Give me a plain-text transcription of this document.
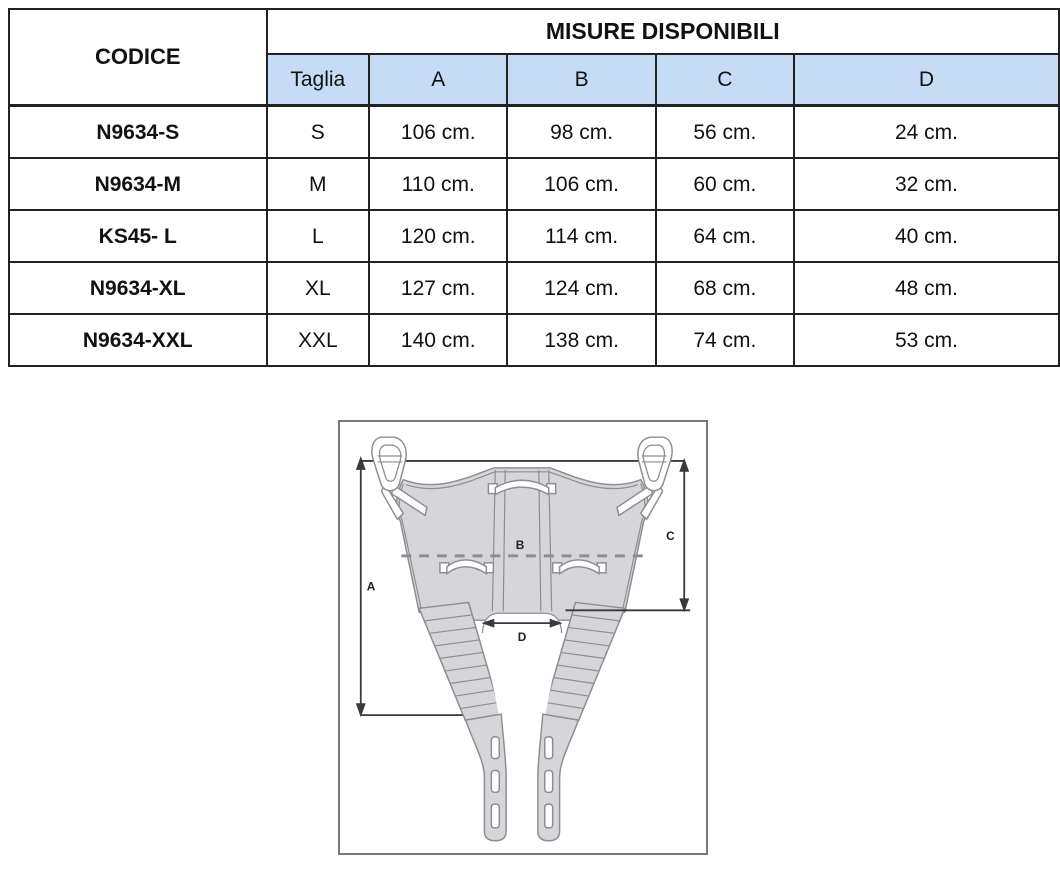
CODICE	MISURE DISPONIBILI				
	Taglia	A	B	C	D
N9634-S	S	106 cm.	98 cm.	56 cm.	24 cm.
N9634-M	M	110 cm.	106 cm.	60 cm.	32 cm.
KS45- L	L	120 cm.	114 cm.	64 cm.	40 cm.
N9634-XL	XL	127 cm.	124 cm.	68 cm.	48 cm.
N9634-XXL	XXL	140 cm.	138 cm.	74 cm.	53 cm.
A
B
C
D
